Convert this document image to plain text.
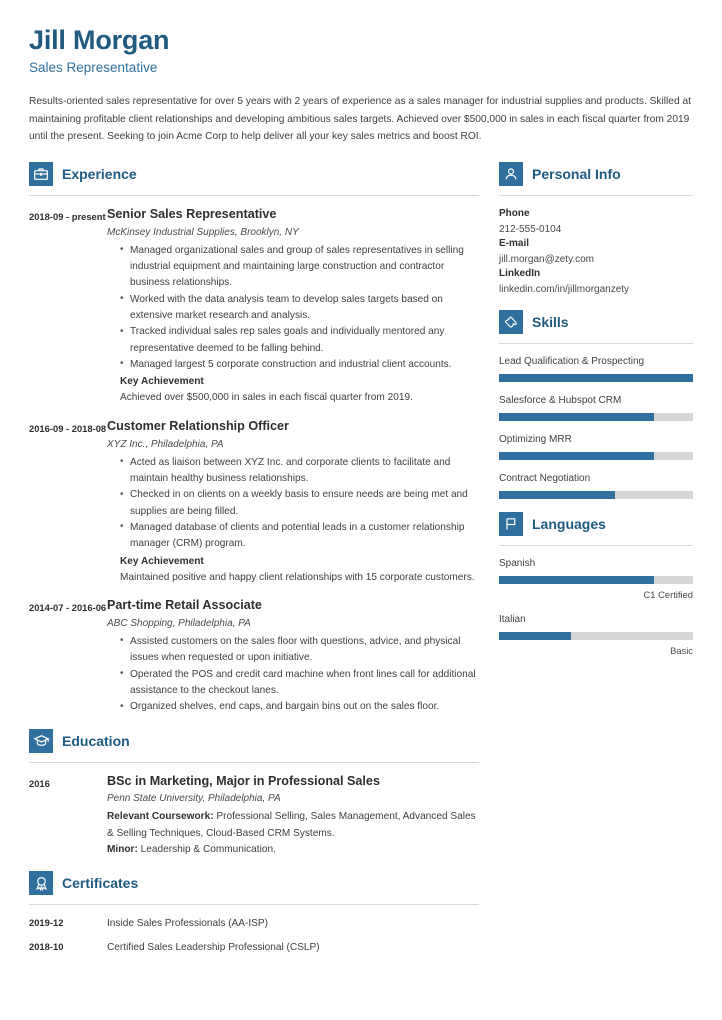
Jill Morgan
Sales Representative

Results-oriented sales representative for over 5 years with 2 years of experience as a sales manager for industrial supplies and products. Skilled at maintaining profitable client relationships and developing ambitious sales targets. Achieved over $500,000 in sales in each fiscal quarter from 2019 until the present. Seeking to join Acme Corp to help deliver all your key sales metrics and boost ROI.

Experience
2018-09 - present Senior Sales Representative
McKinsey Industrial Supplies, Brooklyn, NY
• Managed organizational sales and group of sales representatives in selling industrial equipment and maintaining large construction and contractor business relationships.
• Worked with the data analysis team to develop sales targets based on extensive market research and analysis.
• Tracked individual sales rep sales goals and individually mentored any representative deemed to be falling behind.
• Managed largest 5 corporate construction and industrial client accounts.
Key Achievement
Achieved over $500,000 in sales in each fiscal quarter from 2019.
2016-09 - 2018-08 Customer Relationship Officer
XYZ Inc., Philadelphia, PA
• Acted as liaison between XYZ Inc. and corporate clients to facilitate and maintain healthy business relationships.
• Checked in on clients on a weekly basis to ensure needs are being met and supplies are being filled.
• Managed database of clients and potential leads in a customer relationship manager (CRM) program.
Key Achievement
Maintained positive and happy client relationships with 15 corporate customers.
2014-07 - 2016-06 Part-time Retail Associate
ABC Shopping, Philadelphia, PA
• Assisted customers on the sales floor with questions, advice, and physical issues when requested or upon initiative.
• Operated the POS and credit card machine when front lines call for additional assistance to the checkout lanes.
• Organized shelves, end caps, and bargain bins out on the sales floor.
Education
2016	BSc in Marketing, Major in Professional Sales
Penn State University, Philadelphia, PA
Relevant Coursework: Professional Selling, Sales Management, Advanced Sales & Selling Techniques, Cloud-Based CRM Systems.
Minor: Leadership & Communication.
Certificates
2019-12	Inside Sales Professionals (AA-ISP)
2018-10	Certified Sales Leadership Professional (CSLP)
Personal Info
Phone
212-555-0104
E-mail
jill.morgan@zety.com
LinkedIn
linkedin.com/in/jillmorganzety
Skills
Lead Qualification & Prospecting
Salesforce & Hubspot CRM
Optimizing MRR
Contract Negotiation
Languages
Spanish
C1 Certified
Italian
Basic
